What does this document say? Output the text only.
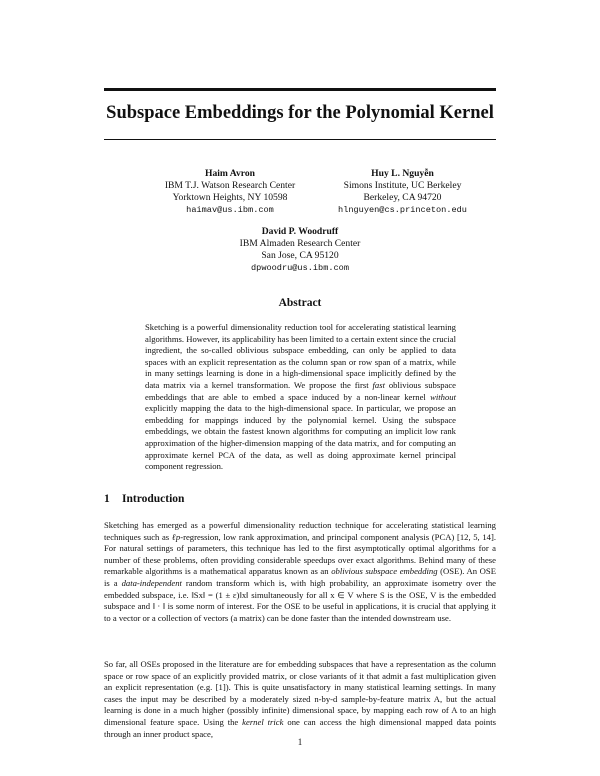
Subspace Embeddings for the Polynomial Kernel
Haim Avron
IBM T.J. Watson Research Center
Yorktown Heights, NY 10598
haimav@us.ibm.com
Huy L. Nguyễn
Simons Institute, UC Berkeley
Berkeley, CA 94720
hlnguyen@cs.princeton.edu
David P. Woodruff
IBM Almaden Research Center
San Jose, CA 95120
dpwoodru@us.ibm.com
Abstract

Sketching is a powerful dimensionality reduction tool for accelerating statistical learning algorithms. However, its applicability has been limited to a certain extent since the crucial ingredient, the so-called oblivious subspace embedding, can only be applied to data spaces with an explicit representation as the column span or row span of a matrix, while in many settings learning is done in a high-dimensional space implicitly defined by the data matrix via a kernel transformation. We propose the first fast oblivious subspace embeddings that are able to embed a space induced by a non-linear kernel without explicitly mapping the data to the high-dimensional space. In particular, we propose an embedding for mappings induced by the polynomial kernel. Using the subspace embeddings, we obtain the fastest known algorithms for computing an implicit low rank approximation of the higher-dimension mapping of the data matrix, and for computing an approximate kernel PCA of the data, as well as doing approximate kernel principal component regression.

1 Introduction

Sketching has emerged as a powerful dimensionality reduction technique for accelerating statistical learning techniques such as ℓp-regression, low rank approximation, and principal component analysis (PCA) [12, 5, 14]. For natural settings of parameters, this technique has led to the first asymptotically optimal algorithms for a number of these problems, often providing considerable speedups over exact algorithms. Behind many of these remarkable algorithms is a mathematical apparatus known as an oblivious subspace embedding (OSE). An OSE is a data-independent random transform which is, with high probability, an approximate isometry over the embedded subspace, i.e. ‖Sx‖ = (1 ± ε)‖x‖ simultaneously for all x ∈ V where S is the OSE, V is the embedded subspace and ‖ · ‖ is some norm of interest. For the OSE to be useful in applications, it is crucial that applying it to a vector or a collection of vectors (a matrix) can be done faster than the intended downstream use.

So far, all OSEs proposed in the literature are for embedding subspaces that have a representation as the column space or row space of an explicitly provided matrix, or close variants of it that admit a fast multiplication given an explicit representation (e.g. [1]). This is quite unsatisfactory in many statistical learning settings. In many cases the input may be described by a moderately sized n-by-d sample-by-feature matrix A, but the actual learning is done in a much higher (possibly infinite) dimensional space, by mapping each row of A to an high dimensional feature space. Using the kernel trick one can access the high dimensional mapped data points through an inner product space,

1
